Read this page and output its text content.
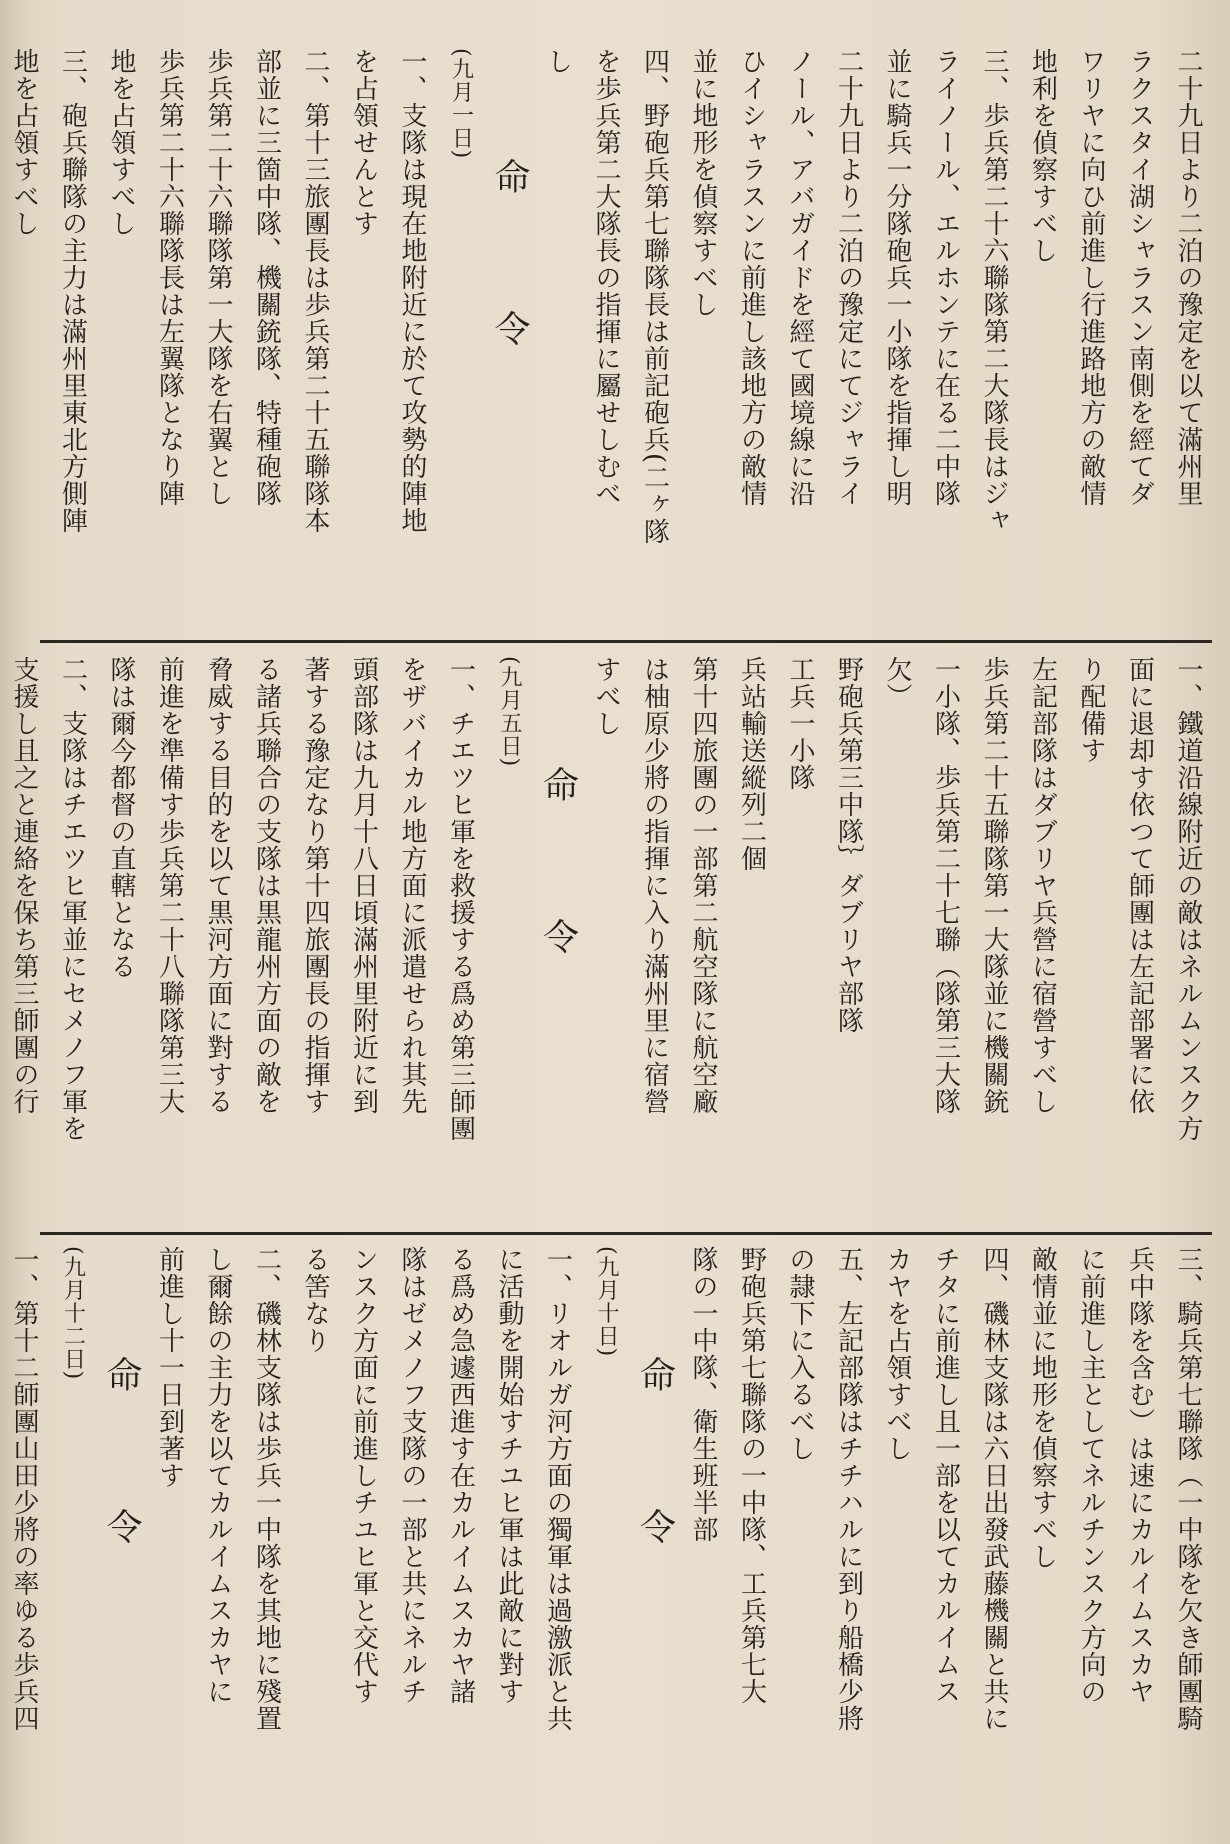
二十九日より二泊の豫定を以て滿州里

ラクスタイ湖シャラスン南側を經てダ

ワリヤに向ひ前進し行進路地方の敵情

地利を偵察すべし

三、歩兵第二十六聯隊第二大隊長はジャ

ライノール、エルホンテに在る二中隊

並に騎兵一分隊砲兵一小隊を指揮し明

二十九日より二泊の豫定にてジャライ

ノール、アバガイドを經て國境線に沿

ひイシャラスンに前進し該地方の敵情

並に地形を偵察すべし

四、野砲兵第七聯隊長は前記砲兵(二ヶ隊

を歩兵第二大隊長の指揮に屬せしむべ

し

命　令

(九月一日)

一、支隊は現在地附近に於て攻勢的陣地

を占領せんとす

二、第十三旅團長は歩兵第二十五聯隊本

部並に三箇中隊、機關銃隊、特種砲隊

歩兵第二十六聯隊第一大隊を右翼とし

歩兵第二十六聯隊長は左翼隊となり陣

地を占領すべし

三、砲兵聯隊の主力は滿州里東北方側陣

地を占領すべし

一、鐵道沿線附近の敵はネルムンスク方

面に退却す依つて師團は左記部署に依

り配備す

左記部隊はダブリヤ兵營に宿營すべし

歩兵第二十五聯隊第一大隊並に機關銃

一小隊、歩兵第二十七聯（隊第三大隊

欠）

野砲兵第三中隊｝ダブリヤ部隊

工兵一小隊

兵站輸送縱列二個

第十四旅團の一部第二航空隊に航空廠

は柚原少將の指揮に入り滿州里に宿營

すべし

命　令

(九月五日)

一、チエツヒ軍を救援する爲め第三師團

をザバイカル地方面に派遣せられ其先

頭部隊は九月十八日頃滿州里附近に到

著する豫定なり第十四旅團長の指揮す

る諸兵聯合の支隊は黒龍州方面の敵を

脅威する目的を以て黒河方面に對する

前進を準備す歩兵第二十八聯隊第三大

隊は爾今都督の直轄となる

二、支隊はチエツヒ軍並にセメノフ軍を

支援し且之と連絡を保ち第三師團の行

三、騎兵第七聯隊（一中隊を欠き師團騎

兵中隊を含む）は速にカルイムスカヤ

に前進し主としてネルチンスク方向の

敵情並に地形を偵察すべし

四、磯林支隊は六日出發武藤機關と共に

チタに前進し且一部を以てカルイムス

カヤを占領すべし

五、左記部隊はチチハルに到り船橋少將

の隷下に入るべし

野砲兵第七聯隊の一中隊、工兵第七大

隊の一中隊、衛生班半部

命　令

(九月十日)

一、リオルガ河方面の獨軍は過激派と共

に活動を開始すチユヒ軍は此敵に對す

る爲め急遽西進す在カルイムスカヤ諸

隊はゼメノフ支隊の一部と共にネルチ

ンスク方面に前進しチユヒ軍と交代す

る筈なり

二、磯林支隊は歩兵一中隊を其地に殘置

し爾餘の主力を以てカルイムスカヤに

前進し十一日到著す

命　令

(九月十二日)

一、第十二師團山田少將の率ゆる歩兵四
